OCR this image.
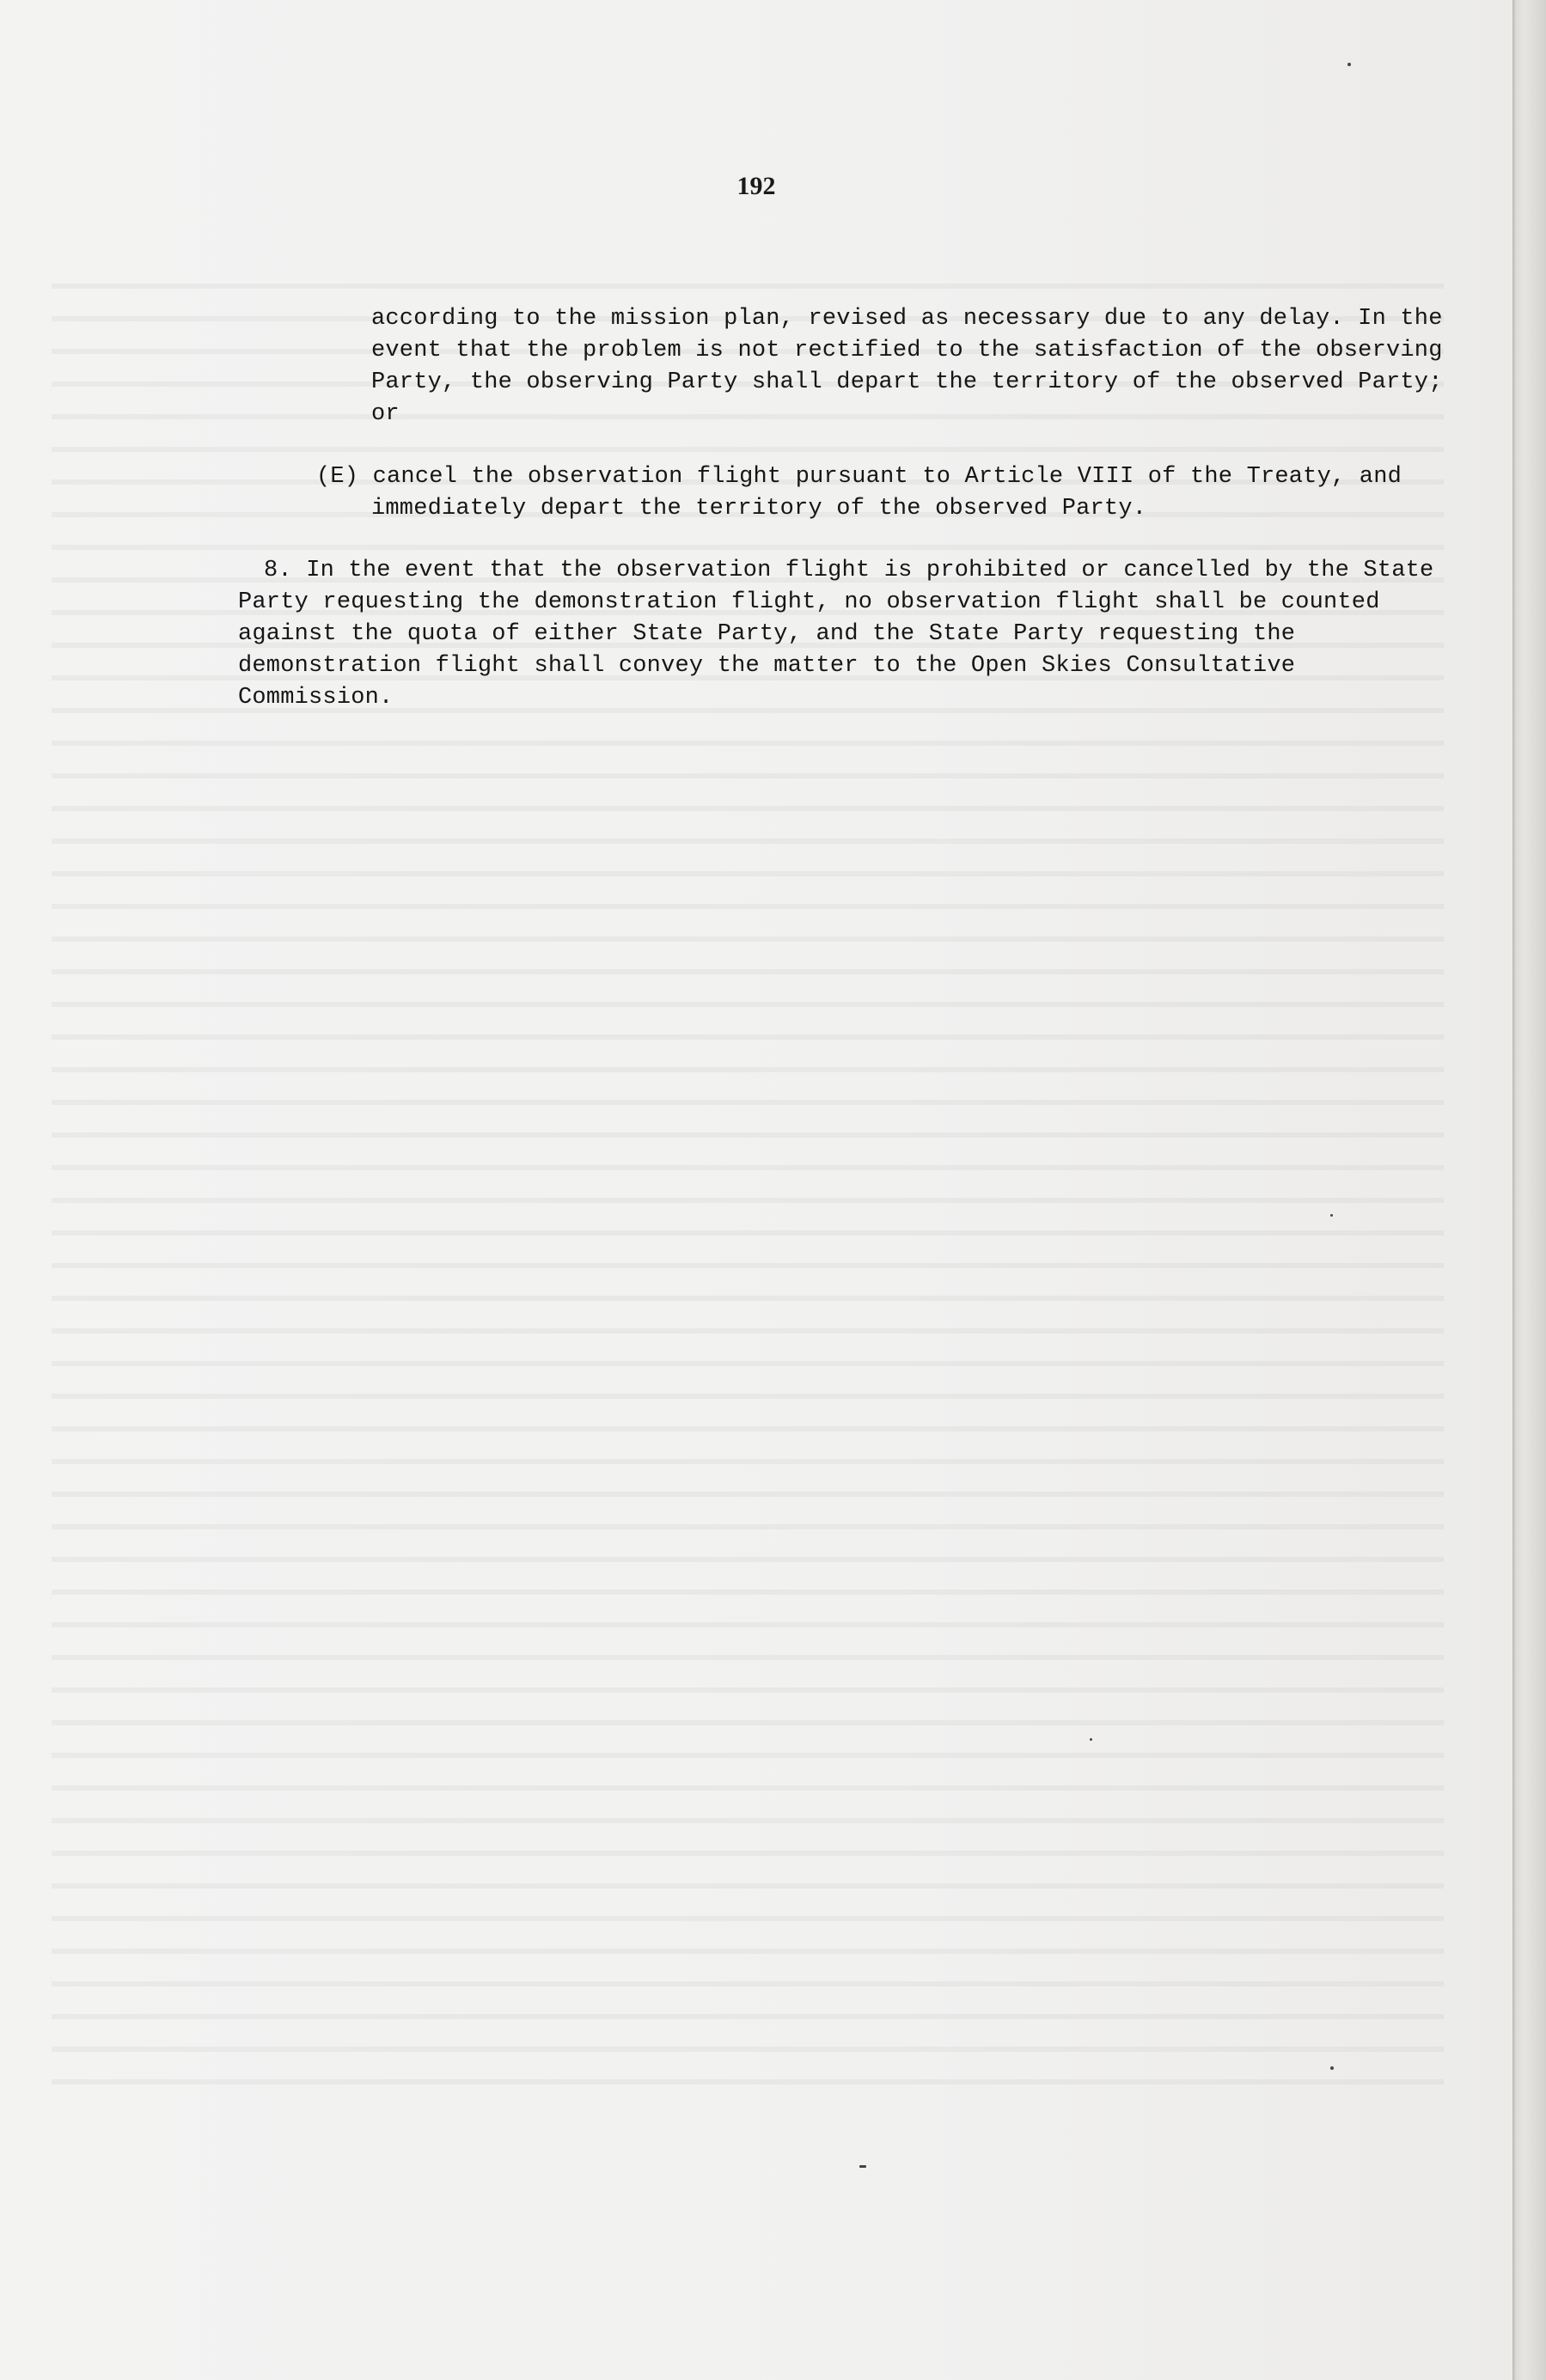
192
according to the mission plan, revised as necessary due to any delay. In the event that the problem is not rectified to the satisfaction of the observing Party, the observing Party shall depart the territory of the observed Party; or
(E) cancel the observation flight pursuant to Article VIII of the Treaty, and immediately depart the territory of the observed Party.
8. In the event that the observation flight is prohibited or cancelled by the State Party requesting the demonstration flight, no observation flight shall be counted against the quota of either State Party, and the State Party requesting the demonstration flight shall convey the matter to the Open Skies Consultative Commission.
